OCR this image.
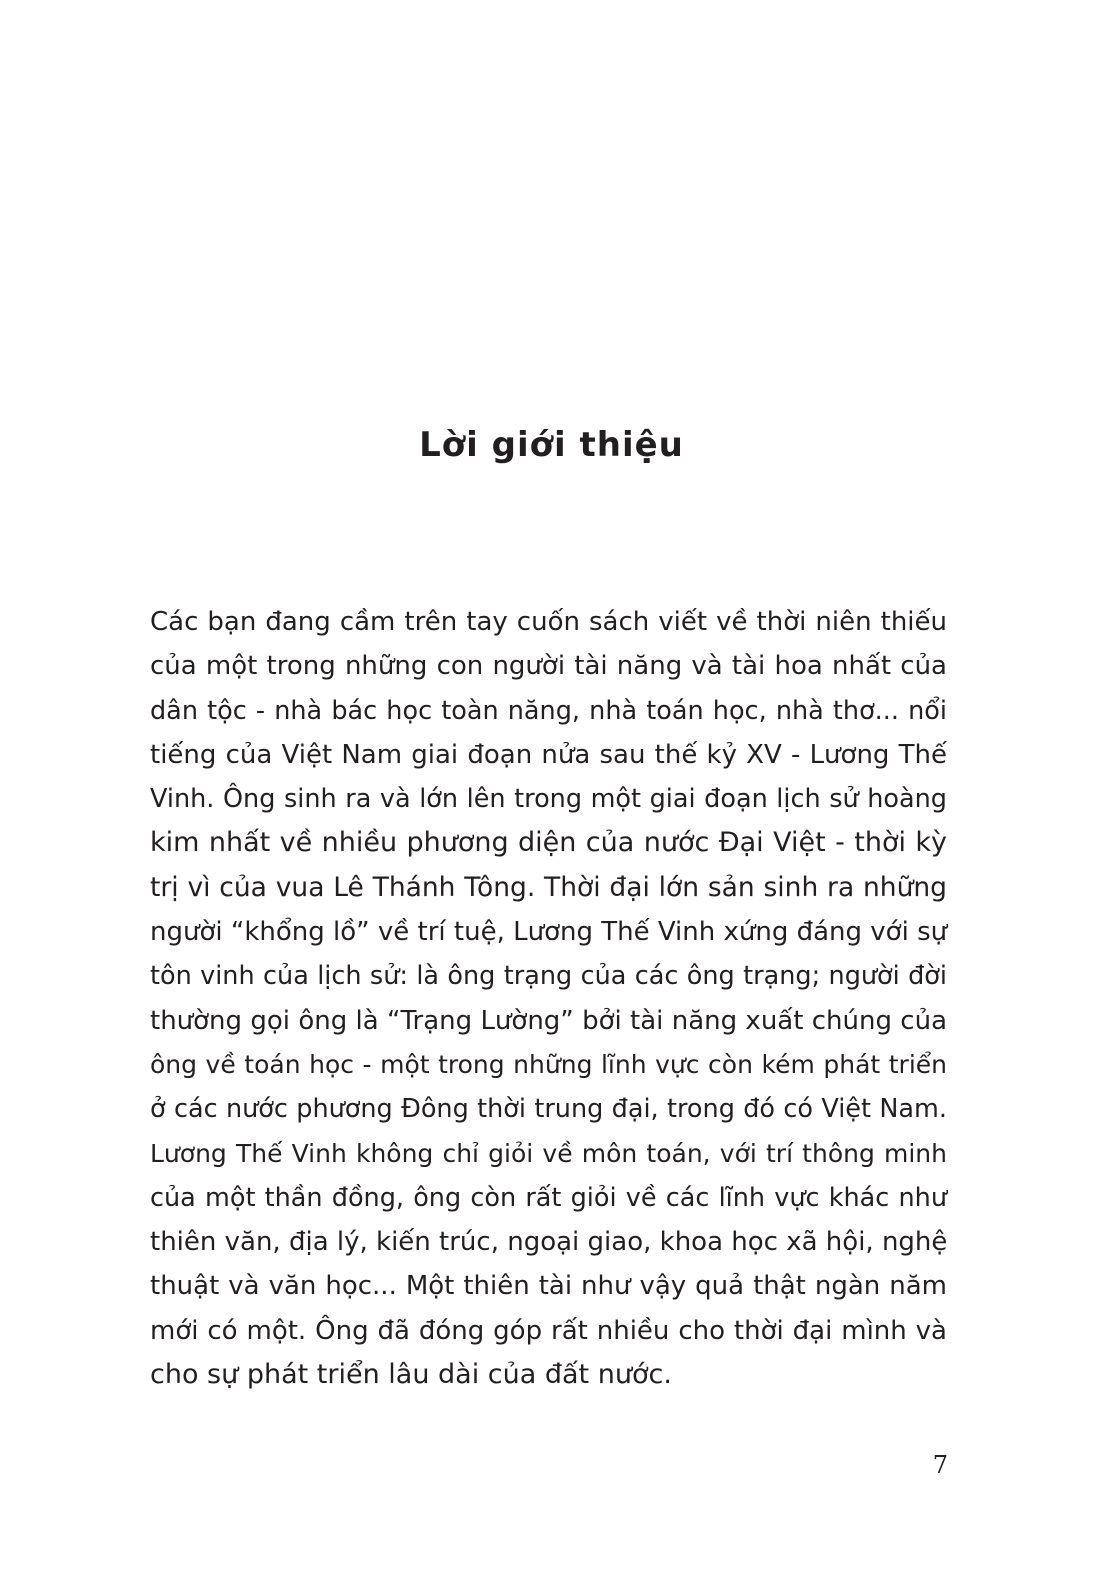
Lời giới thiệu
Các bạn đang cầm trên tay cuốn sách viết về thời niên thiếu
của một trong những con người tài năng và tài hoa nhất của
dân tộc - nhà bác học toàn năng, nhà toán học, nhà thơ... nổi
tiếng của Việt Nam giai đoạn nửa sau thế kỷ XV - Lương Thế
Vinh. Ông sinh ra và lớn lên trong một giai đoạn lịch sử hoàng
kim nhất về nhiều phương diện của nước Đại Việt - thời kỳ
trị vì của vua Lê Thánh Tông. Thời đại lớn sản sinh ra những
người “khổng lồ” về trí tuệ, Lương Thế Vinh xứng đáng với sự
tôn vinh của lịch sử: là ông trạng của các ông trạng; người đời
thường gọi ông là “Trạng Lường” bởi tài năng xuất chúng của
ông về toán học - một trong những lĩnh vực còn kém phát triển
ở các nước phương Đông thời trung đại, trong đó có Việt Nam.
Lương Thế Vinh không chỉ giỏi về môn toán, với trí thông minh
của một thần đồng, ông còn rất giỏi về các lĩnh vực khác như
thiên văn, địa lý, kiến trúc, ngoại giao, khoa học xã hội, nghệ
thuật và văn học... Một thiên tài như vậy quả thật ngàn năm
mới có một. Ông đã đóng góp rất nhiều cho thời đại mình và
cho sự phát triển lâu dài của đất nước.
7
